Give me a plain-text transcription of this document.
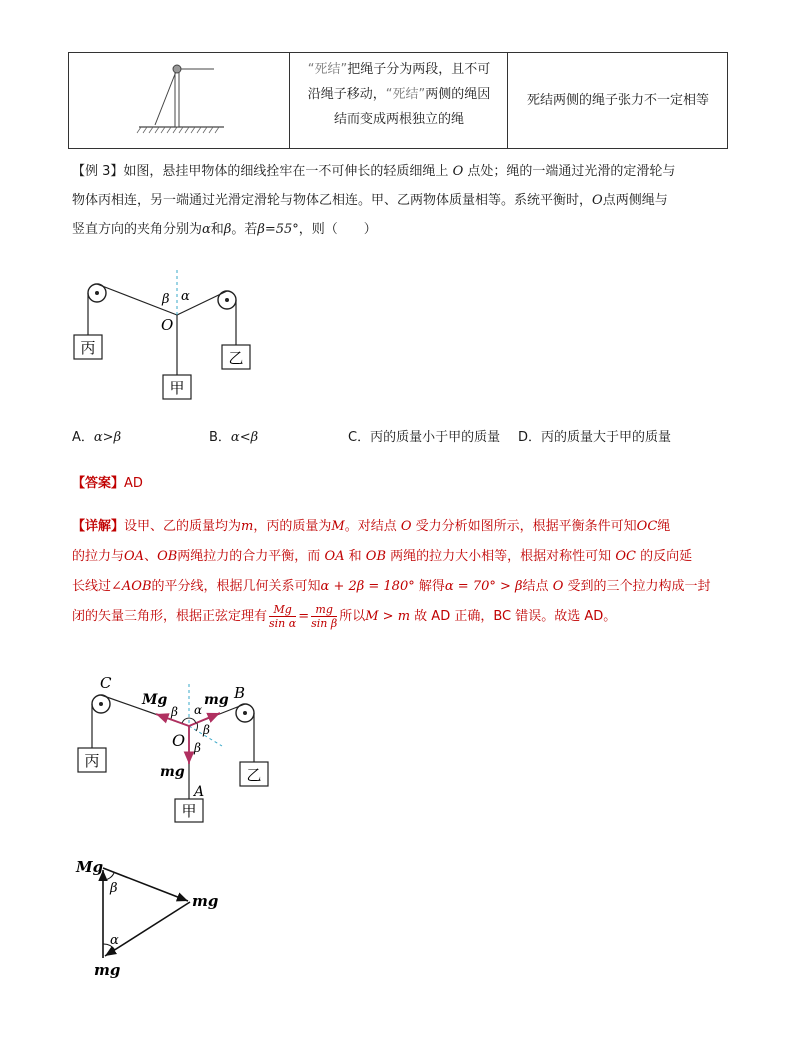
“死结”把绳子分为两段，且不可
沿绳子移动，“死结”两侧的绳因
结而变成两根独立的绳
死结两侧的绳子张力不一定相等

【例 3】如图，悬挂甲物体的细线拴牢在一不可伸长的轻质细绳上 O 点处；绳的一端通过光滑的定滑轮与

物体丙相连，另一端通过光滑定滑轮与物体乙相连。甲、乙两物体质量相等。系统平衡时，O点两侧绳与

竖直方向的夹角分别为α和β。若β=55°，则（　　）

丙
乙
甲
O
α
β
A．α>β	B．α<β	C．丙的质量小于甲的质量 D．丙的质量大于甲的质量
【答案】AD

【详解】设甲、乙的质量均为m，丙的质量为M。对结点 O 受力分析如图所示，根据平衡条件可知OC绳

的拉力与OA、OB两绳拉力的合力平衡，而 OA 和 OB 两绳的拉力大小相等，根据对称性可知 OC 的反向延

长线过∠AOB的平分线，根据几何关系可知α + 2β = 180° 解得α = 70° > β结点 O 受到的三个拉力构成一封

闭的矢量三角形，根据正弦定理有 $\frac{Mg}{\text{sin α}} = \frac{mg}{\text{sin β}}$ 所以M > m 故 AD 正确，BC 错误。故选 AD。

丙
乙
甲
C
B
A
O
Mg	mg
mg
β α
β
β
Mg
mg
mg
β
α
